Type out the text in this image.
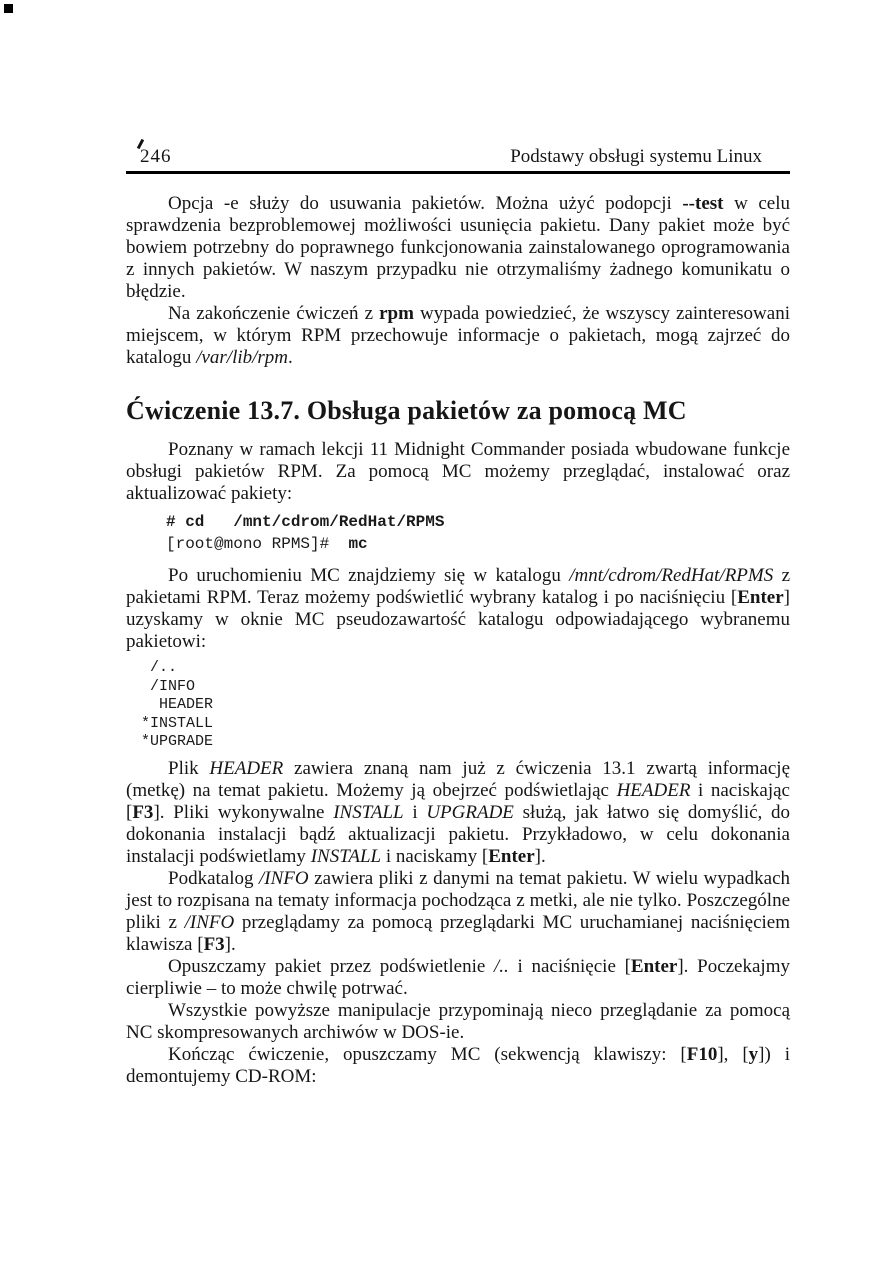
246	Podstawy obsługi systemu Linux

Opcja -e służy do usuwania pakietów. Można użyć podopcji --test w celu sprawdzenia bezproblemowej możliwości usunięcia pakietu. Dany pakiet może być bowiem potrzebny do poprawnego funkcjonowania zainstalowanego oprogramowania z innych pakietów. W naszym przypadku nie otrzymaliśmy żadnego komunikatu o błędzie.

Na zakończenie ćwiczeń z rpm wypada powiedzieć, że wszyscy zainteresowani miejscem, w którym RPM przechowuje informacje o pakietach, mogą zajrzeć do katalogu /var/lib/rpm.

Ćwiczenie 13.7. Obsługa pakietów za pomocą MC

Poznany w ramach lekcji 11 Midnight Commander posiada wbudowane funkcje obsługi pakietów RPM. Za pomocą MC możemy przeglądać, instalować oraz aktualizować pakiety:

# cd   /mnt/cdrom/RedHat/RPMS
[root@mono RPMS]#  mc

Po uruchomieniu MC znajdziemy się w katalogu /mnt/cdrom/RedHat/RPMS z pakietami RPM. Teraz możemy podświetlić wybrany katalog i po naciśnięciu [Enter] uzyskamy w oknie MC pseudozawartość katalogu odpowiadającego wybranemu pakietowi:

/..
/INFO
HEADER
*INSTALL
*UPGRADE

Plik HEADER zawiera znaną nam już z ćwiczenia 13.1 zwartą informację (metkę) na temat pakietu. Możemy ją obejrzeć podświetlając HEADER i naciskając [F3]. Pliki wykonywalne INSTALL i UPGRADE służą, jak łatwo się domyślić, do dokonania instalacji bądź aktualizacji pakietu. Przykładowo, w celu dokonania instalacji podświetlamy INSTALL i naciskamy [Enter].

Podkatalog /INFO zawiera pliki z danymi na temat pakietu. W wielu wypadkach jest to rozpisana na tematy informacja pochodząca z metki, ale nie tylko. Poszczególne pliki z /INFO przeglądamy za pomocą przeglądarki MC uruchamianej naciśnięciem klawisza [F3].

Opuszczamy pakiet przez podświetlenie /.. i naciśnięcie [Enter]. Poczekajmy cierpliwie – to może chwilę potrwać.

Wszystkie powyższe manipulacje przypominają nieco przeglądanie za pomocą NC skompresowanych archiwów w DOS-ie.

Kończąc ćwiczenie, opuszczamy MC (sekwencją klawiszy: [F10], [y]) i demontujemy CD-ROM:
